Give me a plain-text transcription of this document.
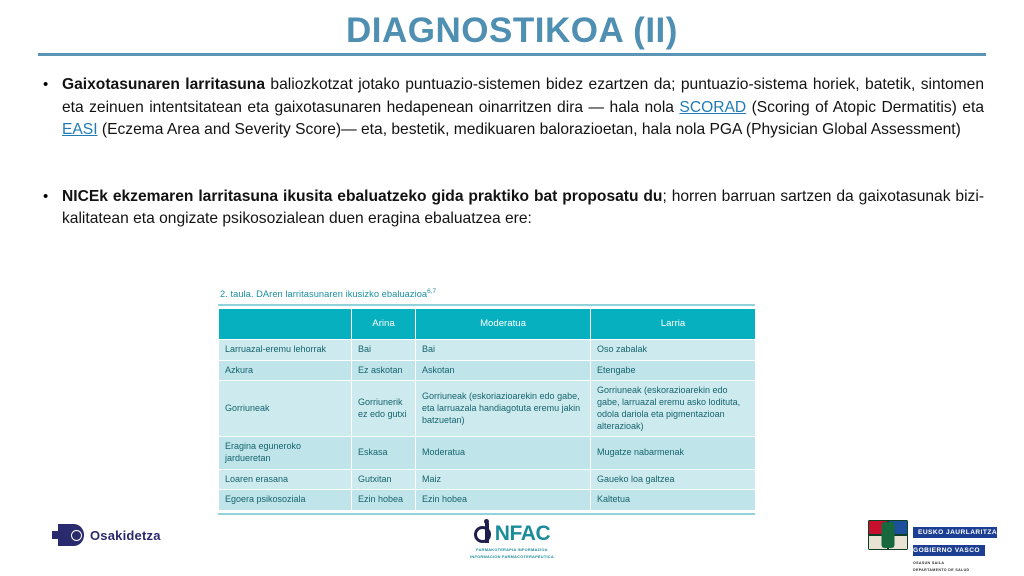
DIAGNOSTIKOA (II)
• Gaixotasunaren larritasuna baliozkotzat jotako puntuazio-sistemen bidez ezartzen da; puntuazio-sistema horiek, batetik, sintomen eta zeinuen intentsitatean eta gaixotasunaren hedapenean oinarritzen dira — hala nola SCORAD (Scoring of Atopic Dermatitis) eta EASI (Eczema Area and Severity Score)— eta, bestetik, medikuaren balorazioetan, hala nola PGA (Physician Global Assessment)
• NICEk ekzemaren larritasuna ikusita ebaluatzeko gida praktiko bat proposatu du; horren barruan sartzen da gaixotasunak bizi-kalitatean eta ongizate psikosozialean duen eragina ebaluatzea ere:
2. taula. DAren larritasunaren ikusizko ebaluazioa$^{6,7}$
	Arina	Moderatua	Larria
Larruazal-eremu lehorrak	Bai	Bai	Oso zabalak
Azkura	Ez askotan	Askotan	Etengabe
Gorriuneak	Gorriunerik ez edo gutxi	Gorriuneak (eskoriazioarekin edo gabe, eta larruazala handiagotuta eremu jakin batzuetan)	Gorriuneak (eskorazioarekin edo gabe, larruazal eremu asko lodituta, odola dariola eta pigmentazioan alterazioak)
Eragina eguneroko jardueretan	Eskasa	Moderatua	Mugatze nabarmenak
Loaren erasana	Gutxitan	Maiz	Gaueko loa galtzea
Egoera psikosoziala	Ezin hobea	Ezin hobea	Kaltetua
Osakidetza	NFAC
FARMAKOTERAPIA INFORMAZIOA
INFORMACIÓN FARMACOTERAPÉUTICA
EUSKO JAURLARITZA
GOBIERNO VASCO
OSASUN SAILA
DEPARTAMENTO DE SALUD
